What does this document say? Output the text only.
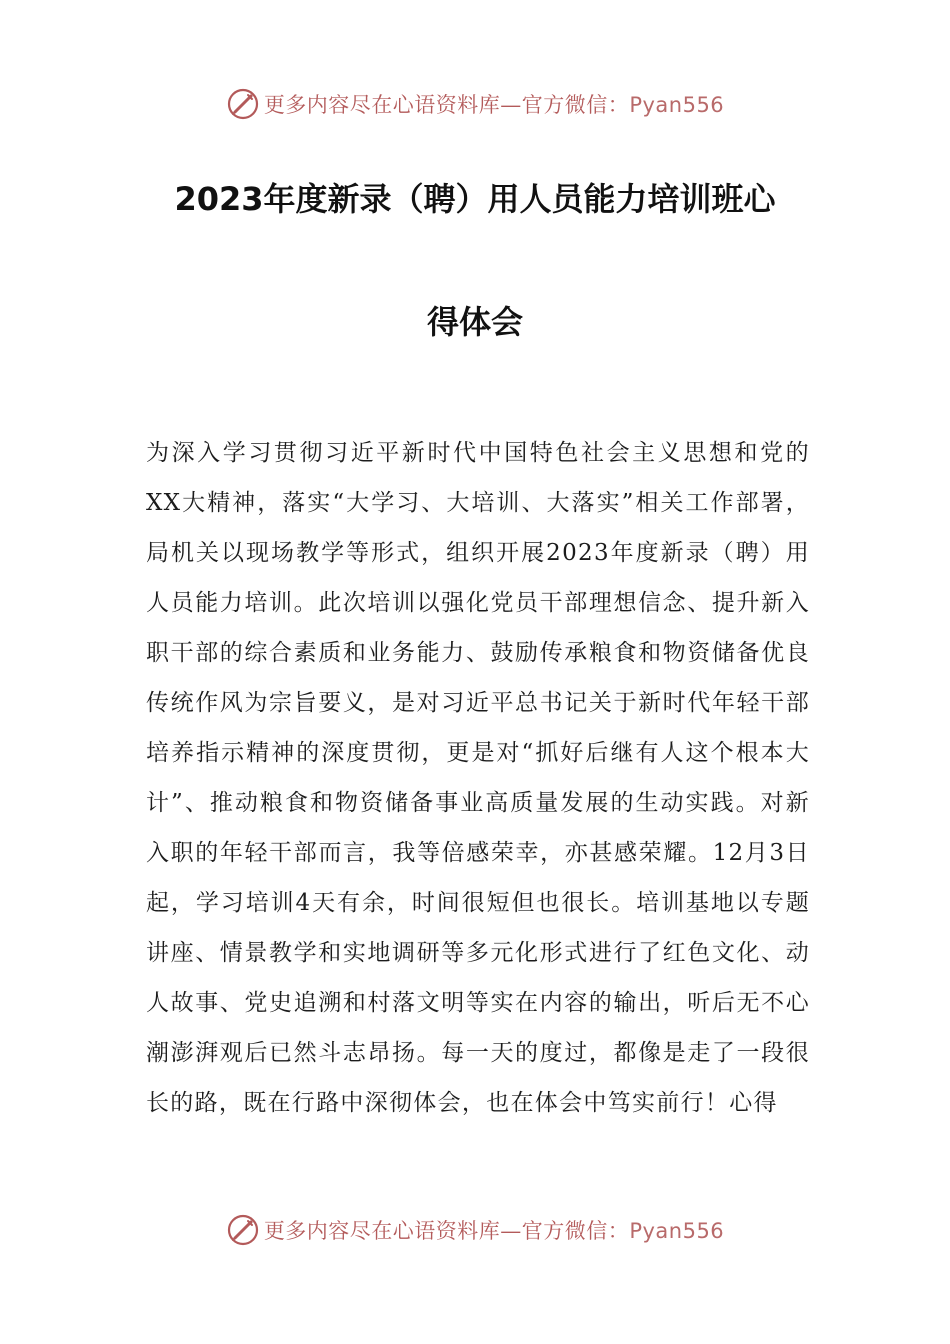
更多内容尽在心语资料库—官方微信：Pyan556
2023年度新录（聘）用人员能力培训班心
得体会

为深入学习贯彻习近平新时代中国特色社会主义思想和党的XX大精神，落实“大学习、大培训、大落实”相关工作部署，局机关以现场教学等形式，组织开展2023年度新录（聘）用人员能力培训。此次培训以强化党员干部理想信念、提升新入职干部的综合素质和业务能力、鼓励传承粮食和物资储备优良传统作风为宗旨要义，是对习近平总书记关于新时代年轻干部培养指示精神的深度贯彻，更是对“抓好后继有人这个根本大计”、推动粮食和物资储备事业高质量发展的生动实践。对新入职的年轻干部而言，我等倍感荣幸，亦甚感荣耀。12月3日起，学习培训4天有余，时间很短但也很长。培训基地以专题讲座、情景教学和实地调研等多元化形式进行了红色文化、动人故事、党史追溯和村落文明等实在内容的输出，听后无不心潮澎湃观后已然斗志昂扬。每一天的度过，都像是走了一段很长的路，既在行路中深彻体会，也在体会中笃实前行！心得

更多内容尽在心语资料库—官方微信：Pyan556
